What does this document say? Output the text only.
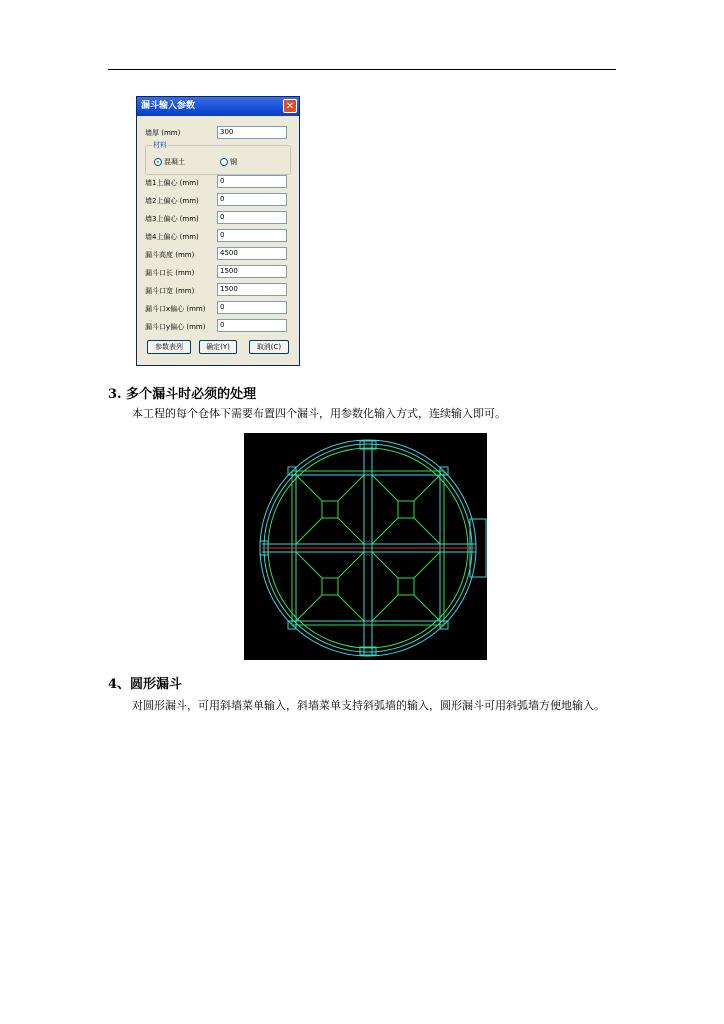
漏斗输入参数	✕
墙厚 (mm)	300
材料
混凝土	钢
墙1上偏心 (mm)	0
墙2上偏心 (mm)	0
墙3上偏心 (mm)	0
墙4上偏心 (mm)	0
漏斗高度 (mm)	4500
漏斗口长 (mm)	1500
漏斗口宽 (mm)	1500
漏斗口x偏心 (mm)	0
漏斗口y偏心 (mm)	0
参数表列	确定(Y)	取消(C)
3. 多个漏斗时必须的处理
本工程的每个仓体下需要布置四个漏斗，用参数化输入方式，连续输入即可。
4、圆形漏斗
对圆形漏斗，可用斜墙菜单输入，斜墙菜单支持斜弧墙的输入，圆形漏斗可用斜弧墙方便地输入。
